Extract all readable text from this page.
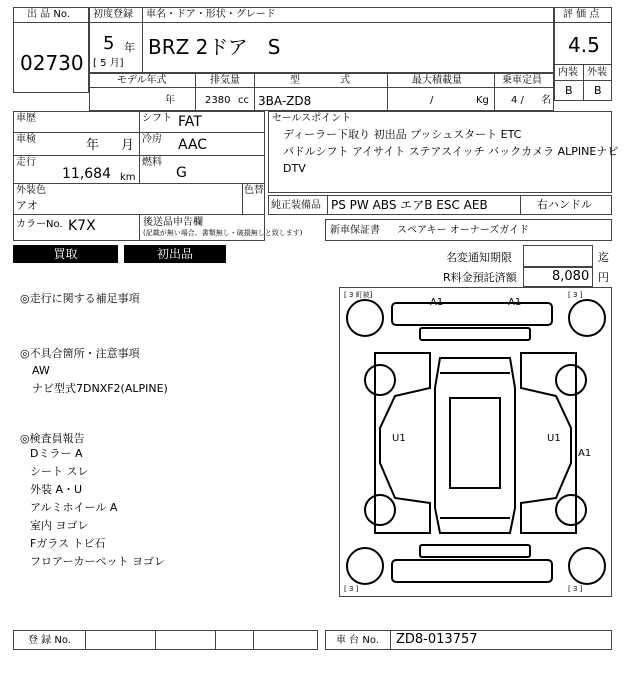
出 品 No.
02730
初度登録 車名・ドア・形状・グレード
5 年
[ 5 月]
BRZ 2ドア　S
評 価 点
4.5
内装 外装
B B
モデル年式
年
排気量
2380 cc
型　　　　式
3BA-ZD8
最大積載量
/	Kg
乗車定員
4 / 名
車歴	シフト FAT
車検	年 月 冷房 AAC
走行
11,684 km
燃料
G
外装色
アオ
色替
カラーNo. K7X	後送品申告欄
(記載が無い場合、書類無し・破損無しと致します)
セールスポイント
ディーラー下取り 初出品 プッシュスタート ETC
パドルシフト アイサイト ステアスイッチ バックカメラ ALPINEナビ
DTV
純正装備品 PS PW ABS エアB ESC AEB	右ハンドル
新車保証書 スペアキー オーナーズガイド
買取	初出品	名変通知期限	迄
R料金預託済額	8,080 円
◎走行に関する補足事項
◎不具合箇所・注意事項
AW
ナビ型式7DNXF2(ALPINE)
◎検査員報告
Dミラー A
シート スレ
外装 A・U
アルミホイール A
室内 ヨゴレ
Fガラス トビ石
フロアーカーペット ヨゴレ
[ 3 町被]	[ 3 ]
[ 3 ]	[ 3 ]
A1	A1
U1	U1
A1
登 録 No.	車 台 No. ZD8-013757
